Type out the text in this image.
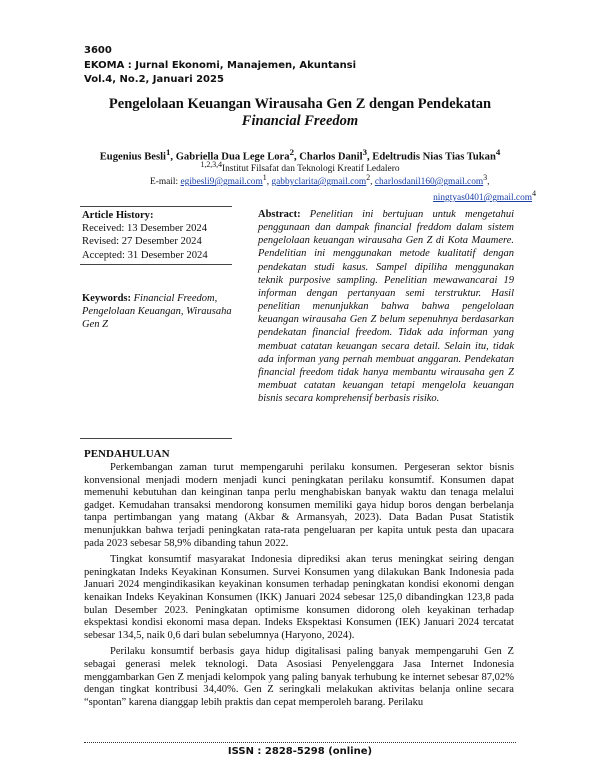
3600
EKOMA : Jurnal Ekonomi, Manajemen, Akuntansi
Vol.4, No.2, Januari 2025
Pengelolaan Keuangan Wirausaha Gen Z dengan Pendekatan
Financial Freedom
Eugenius Besli$^1$, Gabriella Dua Lege Lora$^2$, Charlos Danil$^3$, Edeltrudis Nias Tias Tukan$^4$
$^{1,2,3,4}$Institut Filsafat dan Teknologi Kreatif Ledalero
E-mail: egibesli9@gmail.com$^1$, gabbyclarita@gmail.com$^2$, charlosdanil160@gmail.com$^3$,
ningtyas0401@gmail.com$^4$
Article History:
Received: 13 Desember 2024
Revised: 27 Desember 2024
Accepted: 31 Desember 2024
Keywords: Financial Freedom, Pengelolaan Keuangan, Wirausaha Gen Z
Abstract: Penelitian ini bertujuan untuk mengetahui penggunaan dan dampak financial freddom dalam sistem pengelolaan keuangan wirausaha Gen Z di Kota Maumere. Pendelitian ini menggunakan metode kualitatif dengan pendekatan studi kasus. Sampel dipiliha menggunakan teknik purposive sampling. Penelitian mewawancarai 19 informan dengan pertanyaan semi terstruktur. Hasil penelitian menunjukkan bahwa bahwa pengelolaan keuangan wirausaha Gen Z belum sepenuhnya berdasarkan pendekatan financial freedom. Tidak ada informan yang membuat catatan keuangan secara detail. Selain itu, tidak ada informan yang pernah membuat anggaran. Pendekatan financial freedom tidak hanya membantu wirausaha gen Z membuat catatan keuangan tetapi mengelola keuangan bisnis secara komprehensif berbasis risiko.
PENDAHULUAN

Perkembangan zaman turut mempengaruhi perilaku konsumen. Pergeseran sektor bisnis konvensional menjadi modern menjadi kunci peningkatan perilaku konsumtif. Konsumen dapat memenuhi kebutuhan dan keinginan tanpa perlu menghabiskan banyak waktu dan tenaga melalui gadget. Kemudahan transaksi mendorong konsumen memiliki gaya hidup boros dengan berbelanja tanpa pertimbangan yang matang (Akbar & Armansyah, 2023). Data Badan Pusat Statistik menunjukkan bahwa terjadi peningkatan rata-rata pengeluaran per kapita untuk pesta dan upacara pada 2023 sebesar 58,9% dibanding tahun 2022.

Tingkat konsumtif masyarakat Indonesia diprediksi akan terus meningkat seiring dengan peningkatan Indeks Keyakinan Konsumen. Survei Konsumen yang dilakukan Bank Indonesia pada Januari 2024 mengindikasikan keyakinan konsumen terhadap peningkatan kondisi ekonomi dengan kenaikan Indeks Keyakinan Konsumen (IKK) Januari 2024 sebesar 125,0 dibandingkan 123,8 pada bulan Desember 2023. Peningkatan optimisme konsumen didorong oleh keyakinan terhadap ekspektasi kondisi ekonomi masa depan. Indeks Ekspektasi Konsumen (IEK) Januari 2024 tercatat sebesar 134,5, naik 0,6 dari bulan sebelumnya (Haryono, 2024).

Perilaku konsumtif berbasis gaya hidup digitalisasi paling banyak mempengaruhi Gen Z sebagai generasi melek teknologi. Data Asosiasi Penyelenggara Jasa Internet Indonesia menggambarkan Gen Z menjadi kelompok yang paling banyak terhubung ke internet sebesar 87,02% dengan tingkat kontribusi 34,40%. Gen Z seringkali melakukan aktivitas belanja online secara “spontan” karena dianggap lebih praktis dan cepat memperoleh barang. Perilaku

ISSN : 2828-5298 (online)
